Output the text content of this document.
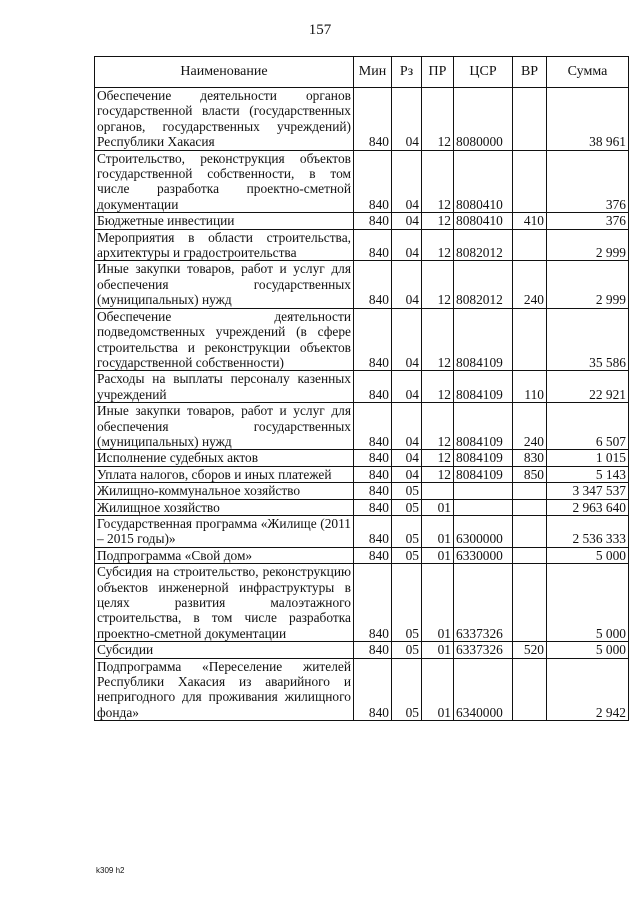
157
Наименование	Мин	Рз	ПР	ЦСР	ВР	Сумма
Обеспечение деятельности органов государственной власти (государственных органов, государственных учреждений) Республики Хакасия	840	04	12	8080000		38 961
Строительство, реконструкция объектов государственной собственности, в том числе разработка проектно-сметной документации	840	04	12	8080410		376
Бюджетные инвестиции	840	04	12	8080410	410	376
Мероприятия в области строительства, архитектуры и градостроительства	840	04	12	8082012		2 999
Иные закупки товаров, работ и услуг для обеспечения государственных (муниципальных) нужд	840	04	12	8082012	240	2 999
Обеспечение деятельности подведомственных учреждений (в сфере строительства и реконструкции объектов государственной собственности)	840	04	12	8084109		35 586
Расходы на выплаты персоналу казенных учреждений	840	04	12	8084109	110	22 921
Иные закупки товаров, работ и услуг для обеспечения государственных (муниципальных) нужд	840	04	12	8084109	240	6 507
Исполнение судебных актов	840	04	12	8084109	830	1 015
Уплата налогов, сборов и иных платежей	840	04	12	8084109	850	5 143
Жилищно-коммунальное хозяйство	840	05				3 347 537
Жилищное хозяйство	840	05	01			2 963 640
Государственная программа «Жилище (2011 – 2015 годы)»	840	05	01	6300000		2 536 333
Подпрограмма «Свой дом»	840	05	01	6330000		5 000
Субсидия на строительство, реконструкцию объектов инженерной инфраструктуры в целях развития малоэтажного строительства, в том числе разработка проектно-сметной документации	840	05	01	6337326		5 000
Субсидии	840	05	01	6337326	520	5 000
Подпрограмма «Переселение жителей Республики Хакасия из аварийного и непригодного для проживания жилищного фонда»	840	05	01	6340000		2 942
k309 h2
